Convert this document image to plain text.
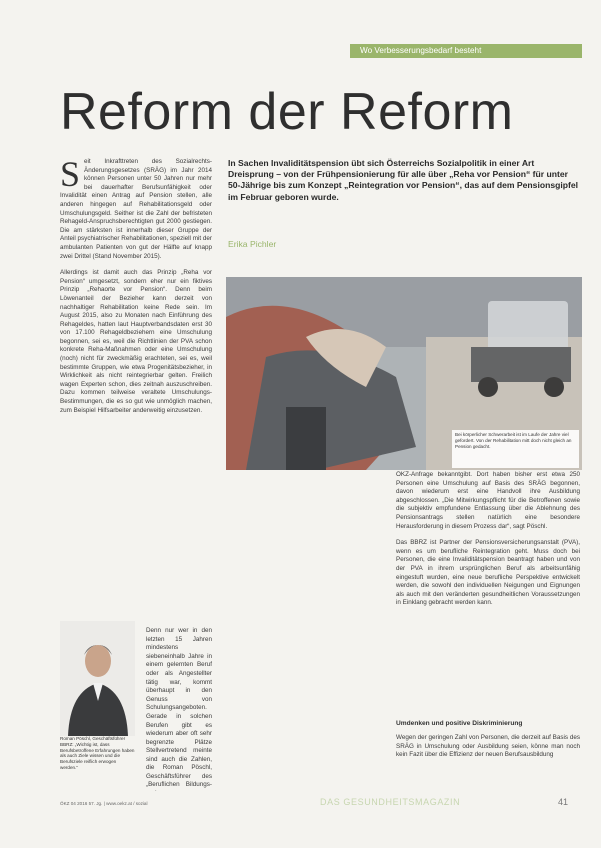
Wo Verbesserungsbedarf besteht
Reform der Reform

S eit Inkrafttreten des Sozialrechts-Änderungsgesetzes (SRÄG) im Jahr 2014 können Personen unter 50 Jahren nur mehr bei dauerhafter Berufsunfähigkeit oder Invalidität einen Antrag auf Pension stellen, alle anderen hingegen auf Rehabilitationsgeld oder Umschulungsgeld. Seither ist die Zahl der befristeten Rehageld-Anspruchsberechtigten gut 2000 gestiegen. Die am stärksten ist innerhalb dieser Gruppe der Anteil psychiatrischer Rehabilitationen, speziell mit der ambulanten Patienten von gut der Hälfte auf knapp zwei Drittel (Stand November 2015).

Allerdings ist damit auch das Prinzip „Reha vor Pension“ umgesetzt, sondern eher nur ein fiktives Prinzip „Rehaorte vor Pension“. Denn beim Löwenanteil der Bezieher kann derzeit von nachhaltiger Rehabilitation keine Rede sein. Im August 2015, also zu Monaten nach Einführung des Rehageldes, hatten laut Hauptverbandsdaten erst 30 von 17.100 Rehageldbeziehern eine Umschulung begonnen, sei es, weil die Richtlinien der PVA schon konkrete Reha-Maßnahmen oder eine Umschulung (noch) nicht für zweckmäßig erachteten, sei es, weil bestimmte Gruppen, wie etwa Progenitätsbezieher, in Wirklichkeit als nicht reintegrierbar gelten. Freilich wagen Experten schon, dies zeitnah auszuschreiben. Dazu kommen teilweise veraltete Umschulungs-Bestimmungen, die es so gut wie unmöglich machen, zum Beispiel Hilfsarbeiter anderweitig einzusetzen.

In Sachen Invaliditätspension übt sich Österreichs Sozialpolitik in einer Art Dreisprung – von der Frühpensionierung für alle über „Reha vor Pension“ für unter 50-Jährige bis zum Konzept „Reintegration vor Pension“, das auf dem Pensionsgipfel im Februar geboren wurde.
Erika Pichler
Bei körperlicher Schwerarbeit ist im Laufe der Jahre viel gefordert. Von der Rehabilitation mitt doch nicht gleich an Pension gedacht.

Denn nur wer in den letzten 15 Jahren mindestens siebeneinhalb Jahre in einem gelernten Beruf oder als Angestellter tätig war, kommt überhaupt in den Genuss von Schulungsangeboten. Gerade in solchen Berufen gibt es wiederum aber oft sehr begrenzte Plätze

Stellvertretend meinte sind auch die Zahlen, die Roman Pöschl, Geschäftsführer des „Beruflichen Bildungs-

Roman Pöschl, Geschäftsführer BBRZ: „Wichtig ist, dass Berufsbetroffene Erfahrungen haben als auch Ziele wissen und die Berufsziele reiflich erwogen werden.“

ÖKZ-Anfrage bekanntgibt. Dort haben bisher erst etwa 250 Personen eine Umschulung auf Basis des SRÄG begonnen, davon wiederum erst eine Handvoll ihre Ausbildung abgeschlossen. „Die Mitwirkungspflicht für die Betroffenen sowie die subjektiv empfundene Entlassung über die Ablehnung des Pensionsantrags stellen natürlich eine besondere Herausforderung in diesem Prozess dar“, sagt Pöschl.

Das BBRZ ist Partner der Pensionsversicherungsanstalt (PVA), wenn es um berufliche Reintegration geht. Muss doch bei Personen, die eine Invaliditätspension beantragt haben und von der PVA in ihrem ursprünglichen Beruf als arbeitsunfähig eingestuft wurden, eine neue berufliche Perspektive entwickelt werden, die sowohl den individuellen Neigungen und Eignungen als auch mit den veränderten gesundheitlichen Voraussetzungen in Einklang gebracht werden kann.

Umdenken und positive Diskriminierung

Wegen der geringen Zahl von Personen, die derzeit auf Basis des SRÄG in Umschulung oder Ausbildung seien, könne man noch kein Fazit über die Effizienz der neuen Berufsausbildung

ÖKZ 04 2016 57. Jg. | www.oekz.at / sozial	DAS GESUNDHEITSMAGAZIN	41
